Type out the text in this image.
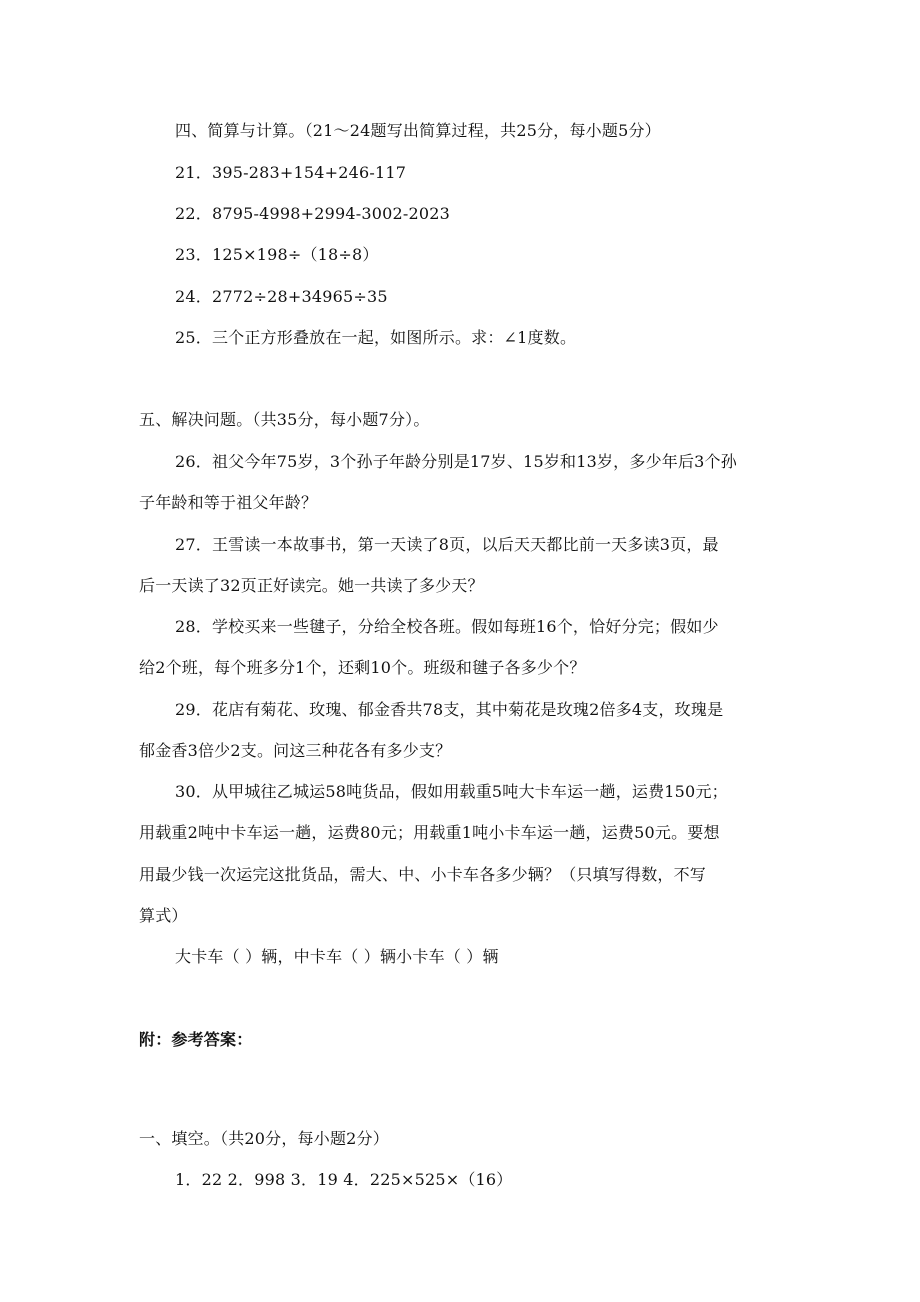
四、简算与计算。（21～24题写出简算过程，共25分，每小题5分）
21．395-283+154+246-117
22．8795-4998+2994-3002-2023
23．125×198÷（18÷8）
24．2772÷28+34965÷35
25．三个正方形叠放在一起，如图所示。求：∠1度数。
五、解决问题。（共35分，每小题7分）。
26．祖父今年75岁，3个孙子年龄分别是17岁、15岁和13岁，多少年后3个孙
子年龄和等于祖父年龄？
27．王雪读一本故事书，第一天读了8页，以后天天都比前一天多读3页，最
后一天读了32页正好读完。她一共读了多少天？
28．学校买来一些毽子，分给全校各班。假如每班16个，恰好分完；假如少
给2个班，每个班多分1个，还剩10个。班级和毽子各多少个？
29．花店有菊花、玫瑰、郁金香共78支，其中菊花是玫瑰2倍多4支，玫瑰是
郁金香3倍少2支。问这三种花各有多少支？
30．从甲城往乙城运58吨货品，假如用载重5吨大卡车运一趟，运费150元；
用载重2吨中卡车运一趟，运费80元；用载重1吨小卡车运一趟，运费50元。要想
用最少钱一次运完这批货品，需大、中、小卡车各多少辆？（只填写得数，不写
算式）
大卡车（ ）辆，中卡车（ ）辆小卡车（ ）辆
附：参考答案：
一、填空。（共20分，每小题2分）
1．22 2．998 3．19 4．225×525×（16）
